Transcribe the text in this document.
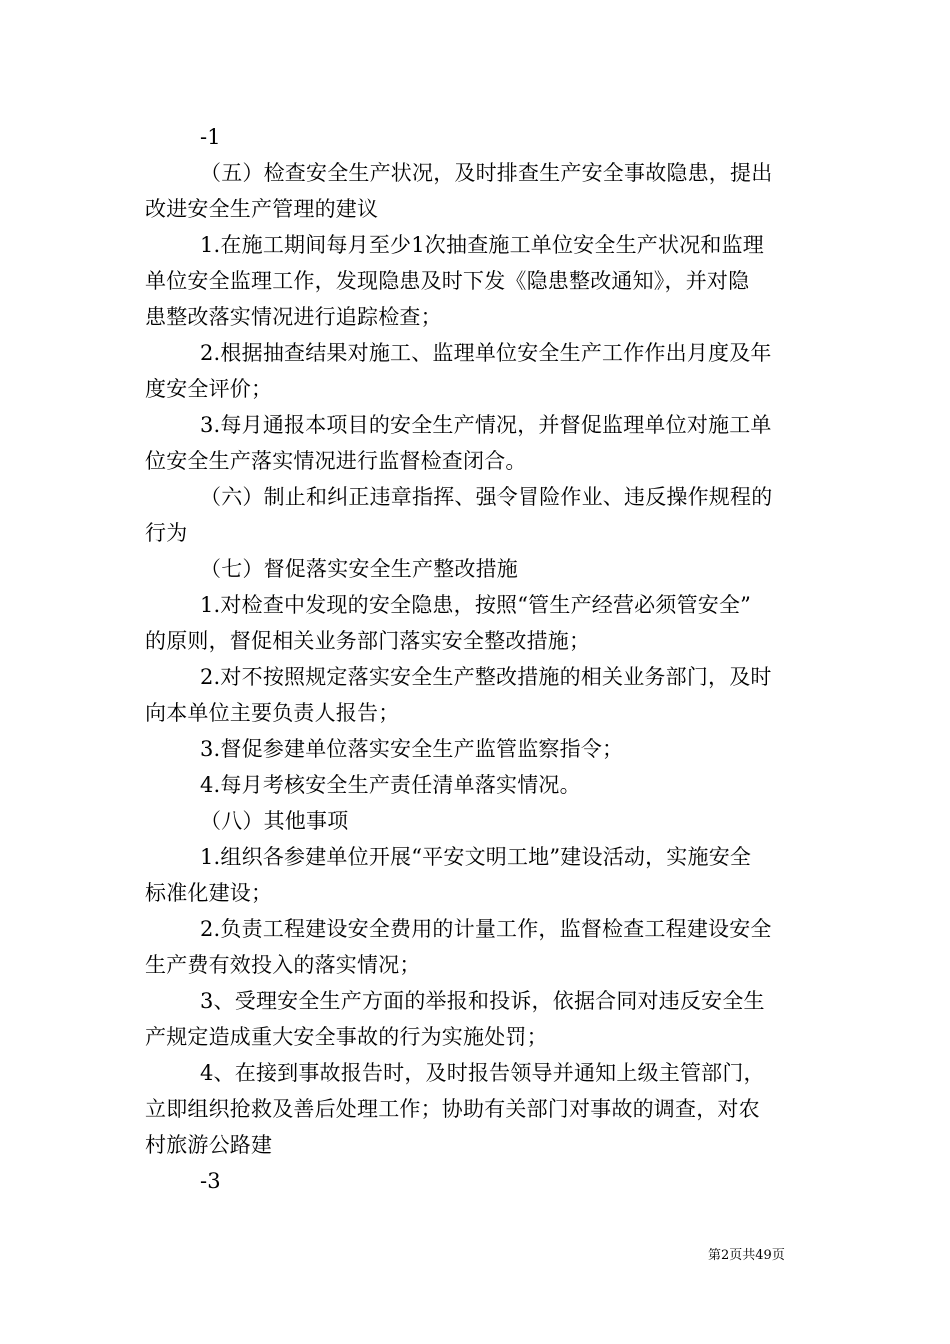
-1
（五）检查安全生产状况，及时排查生产安全事故隐患，提出
改进安全生产管理的建议
1.在施工期间每月至少1次抽查施工单位安全生产状况和监理
单位安全监理工作，发现隐患及时下发《隐患整改通知》，并对隐
患整改落实情况进行追踪检查；
2.根据抽查结果对施工、监理单位安全生产工作作出月度及年
度安全评价；
3.每月通报本项目的安全生产情况，并督促监理单位对施工单
位安全生产落实情况进行监督检查闭合。
（六）制止和纠正违章指挥、强令冒险作业、违反操作规程的
行为
（七）督促落实安全生产整改措施
1.对检查中发现的安全隐患，按照“管生产经营必须管安全”
的原则，督促相关业务部门落实安全整改措施；
2.对不按照规定落实安全生产整改措施的相关业务部门，及时
向本单位主要负责人报告；
3.督促参建单位落实安全生产监管监察指令；
4.每月考核安全生产责任清单落实情况。
（八）其他事项
1.组织各参建单位开展“平安文明工地”建设活动，实施安全
标准化建设；
2.负责工程建设安全费用的计量工作，监督检查工程建设安全
生产费有效投入的落实情况；
3、受理安全生产方面的举报和投诉，依据合同对违反安全生
产规定造成重大安全事故的行为实施处罚；
4、在接到事故报告时，及时报告领导并通知上级主管部门，
立即组织抢救及善后处理工作；协助有关部门对事故的调查，对农
村旅游公路建
-3
第2页共49页
